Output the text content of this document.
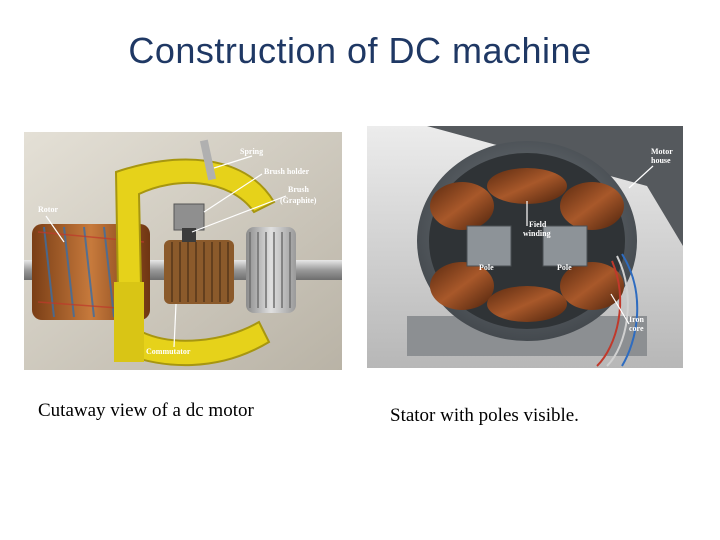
Construction of DC machine
Spring
Brush holder
Brush
(Graphite)
Rotor
Commutator
Motor
house
Field
winding
Pole	Pole
Iron
core
Cutaway view of a dc motor	Stator with poles visible.
